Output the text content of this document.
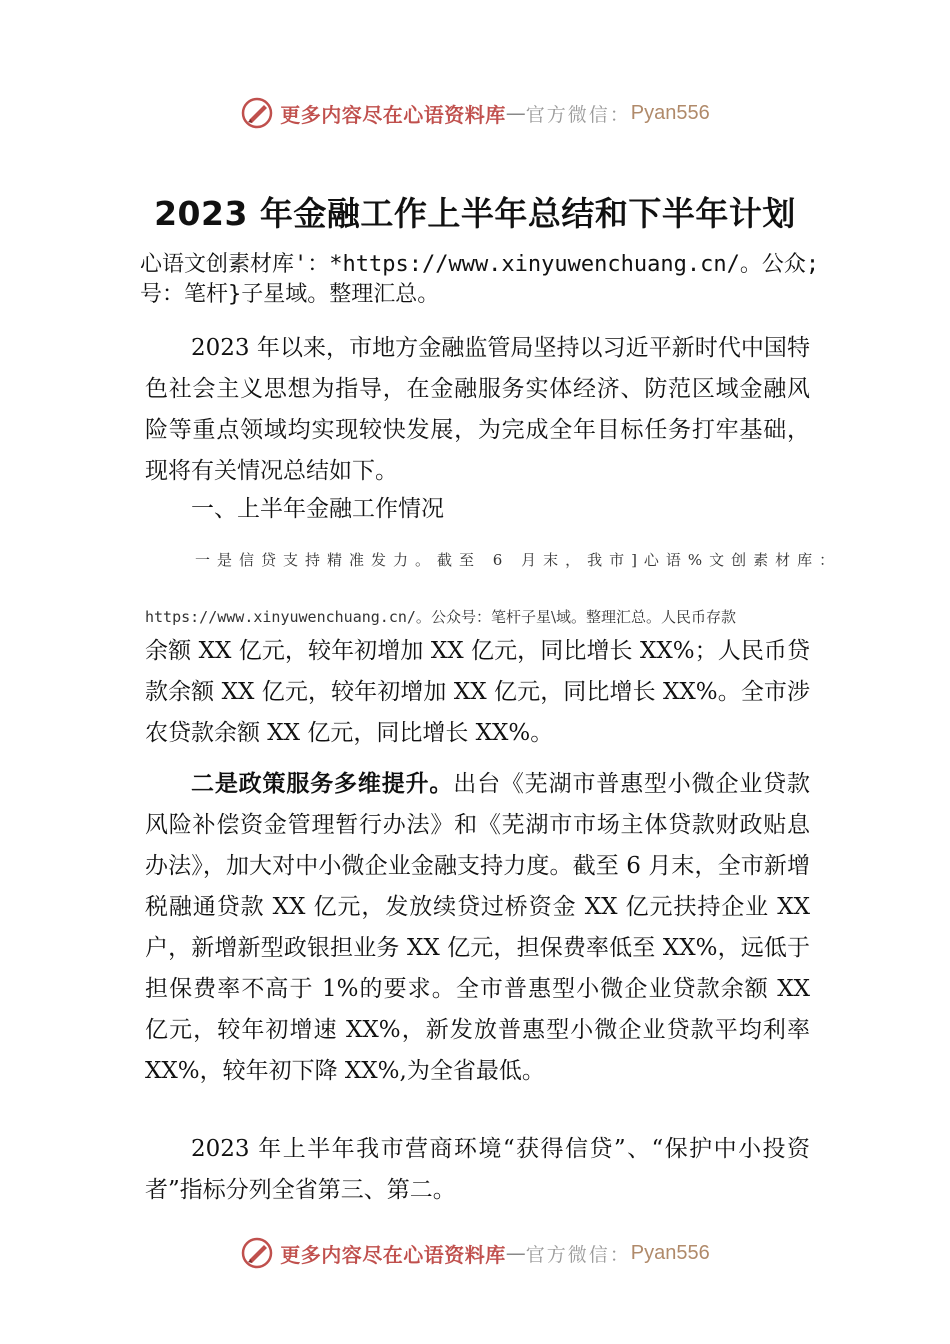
更多内容尽在心语资料库 — 官方微信： Pyan556
2023 年金融工作上半年总结和下半年计划
心语文创素材库'：*https://www.xinyuwenchuang.cn/。公众;号：笔杆}子星域。整理汇总。

2023 年以来，市地方金融监管局坚持以习近平新时代中国特色社会主义思想为指导，在金融服务实体经济、防范区域金融风险等重点领域均实现较快发展，为完成全年目标任务打牢基础，现将有关情况总结如下。

一、上半年金融工作情况

一是信贷支持精准发力。截至 6 月末，我市]心语%文创素材库：
https://www.xinyuwenchuang.cn/。公众号：笔杆子星\域。整理汇总。人民币存款

余额 XX 亿元，较年初增加 XX 亿元，同比增长 XX%；人民币贷款余额 XX 亿元，较年初增加 XX 亿元，同比增长 XX%。全市涉农贷款余额 XX 亿元，同比增长 XX%。

二是政策服务多维提升。出台《芜湖市普惠型小微企业贷款风险补偿资金管理暂行办法》和《芜湖市市场主体贷款财政贴息办法》，加大对中小微企业金融支持力度。截至 6 月末，全市新增税融通贷款 XX 亿元，发放续贷过桥资金 XX 亿元扶持企业 XX 户，新增新型政银担业务 XX 亿元，担保费率低至 XX%，远低于担保费率不高于 1%的要求。全市普惠型小微企业贷款余额 XX 亿元，较年初增速 XX%，新发放普惠型小微企业贷款平均利率 XX%，较年初下降 XX%,为全省最低。

2023 年上半年我市营商环境“获得信贷”、“保护中小投资者”指标分列全省第三、第二。

更多内容尽在心语资料库 — 官方微信： Pyan556
